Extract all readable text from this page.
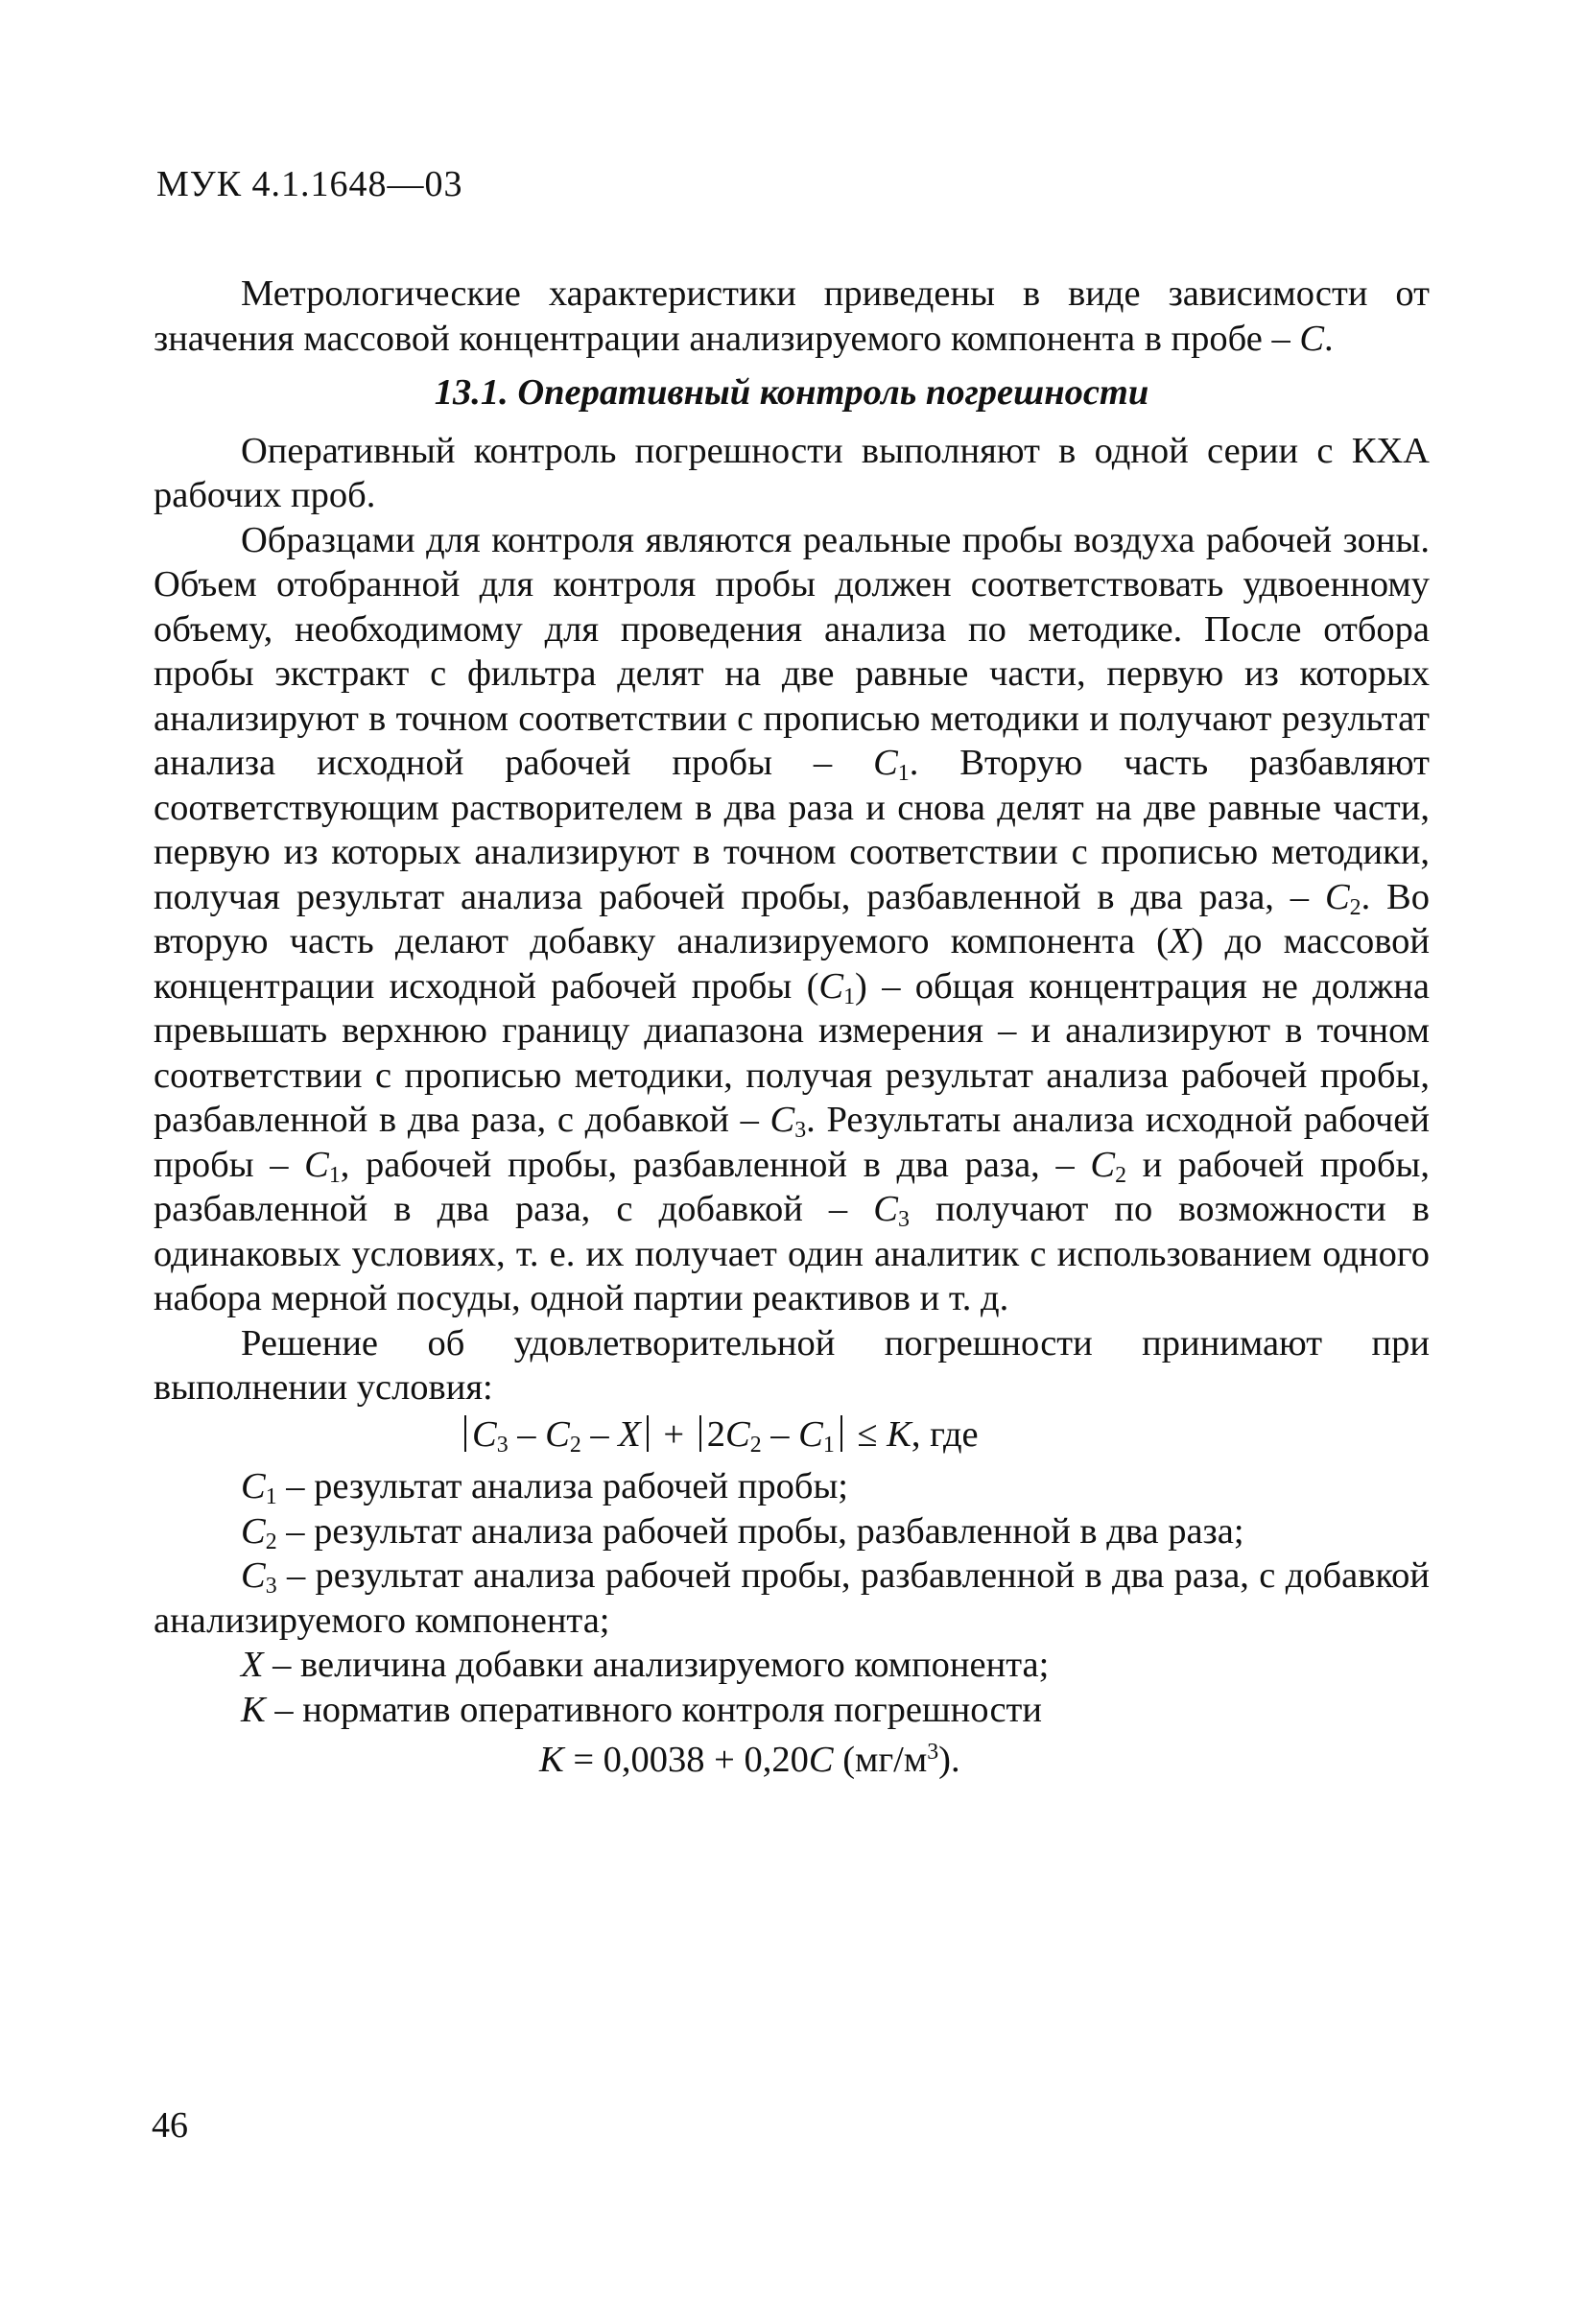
МУК 4.1.1648—03

Метрологические характеристики приведены в виде зависимости от значения массовой концентрации анализируемого компонента в пробе – C.

13.1. Оперативный контроль погрешности

Оперативный контроль погрешности выполняют в одной серии с КХА рабочих проб.

Образцами для контроля являются реальные пробы воздуха рабочей зоны. Объем отобранной для контроля пробы должен соответствовать удвоенному объему, необходимому для проведения анализа по методике. После отбора пробы экстракт с фильтра делят на две равные части, первую из которых анализируют в точном соответствии с прописью методики и получают результат анализа исходной рабочей пробы – $C_1$. Вторую часть разбавляют соответствующим растворителем в два раза и снова делят на две равные части, первую из которых анализируют в точном соответствии с прописью методики, получая результат анализа рабочей пробы, разбавленной в два раза, – $C_2$. Во вторую часть делают добавку анализируемого компонента (X) до массовой концентрации исходной рабочей пробы $(C_1)$ – общая концентрация не должна превышать верхнюю границу диапазона измерения – и анализируют в точном соответствии с прописью методики, получая результат анализа рабочей пробы, разбавленной в два раза, с добавкой – $C_3$. Результаты анализа исходной рабочей пробы – $C_1$, рабочей пробы, разбавленной в два раза, – $C_2$ и рабочей пробы, разбавленной в два раза, с добавкой – $C_3$ получают по возможности в одинаковых условиях, т. е. их получает один аналитик с использованием одного набора мерной посуды, одной партии реактивов и т. д.

Решение об удовлетворительной погрешности принимают при выполнении условия:

$C_3 - C_2 - X + 2C_2 - C_1 \le K$, где

$C_1$ – результат анализа рабочей пробы;

$C_2$ – результат анализа рабочей пробы, разбавленной в два раза;

$C_3$ – результат анализа рабочей пробы, разбавленной в два раза, с добавкой анализируемого компонента;

X – величина добавки анализируемого компонента;

K – норматив оперативного контроля погрешности

K = 0,0038 + 0,20C $(мг/м^3)$.

46
